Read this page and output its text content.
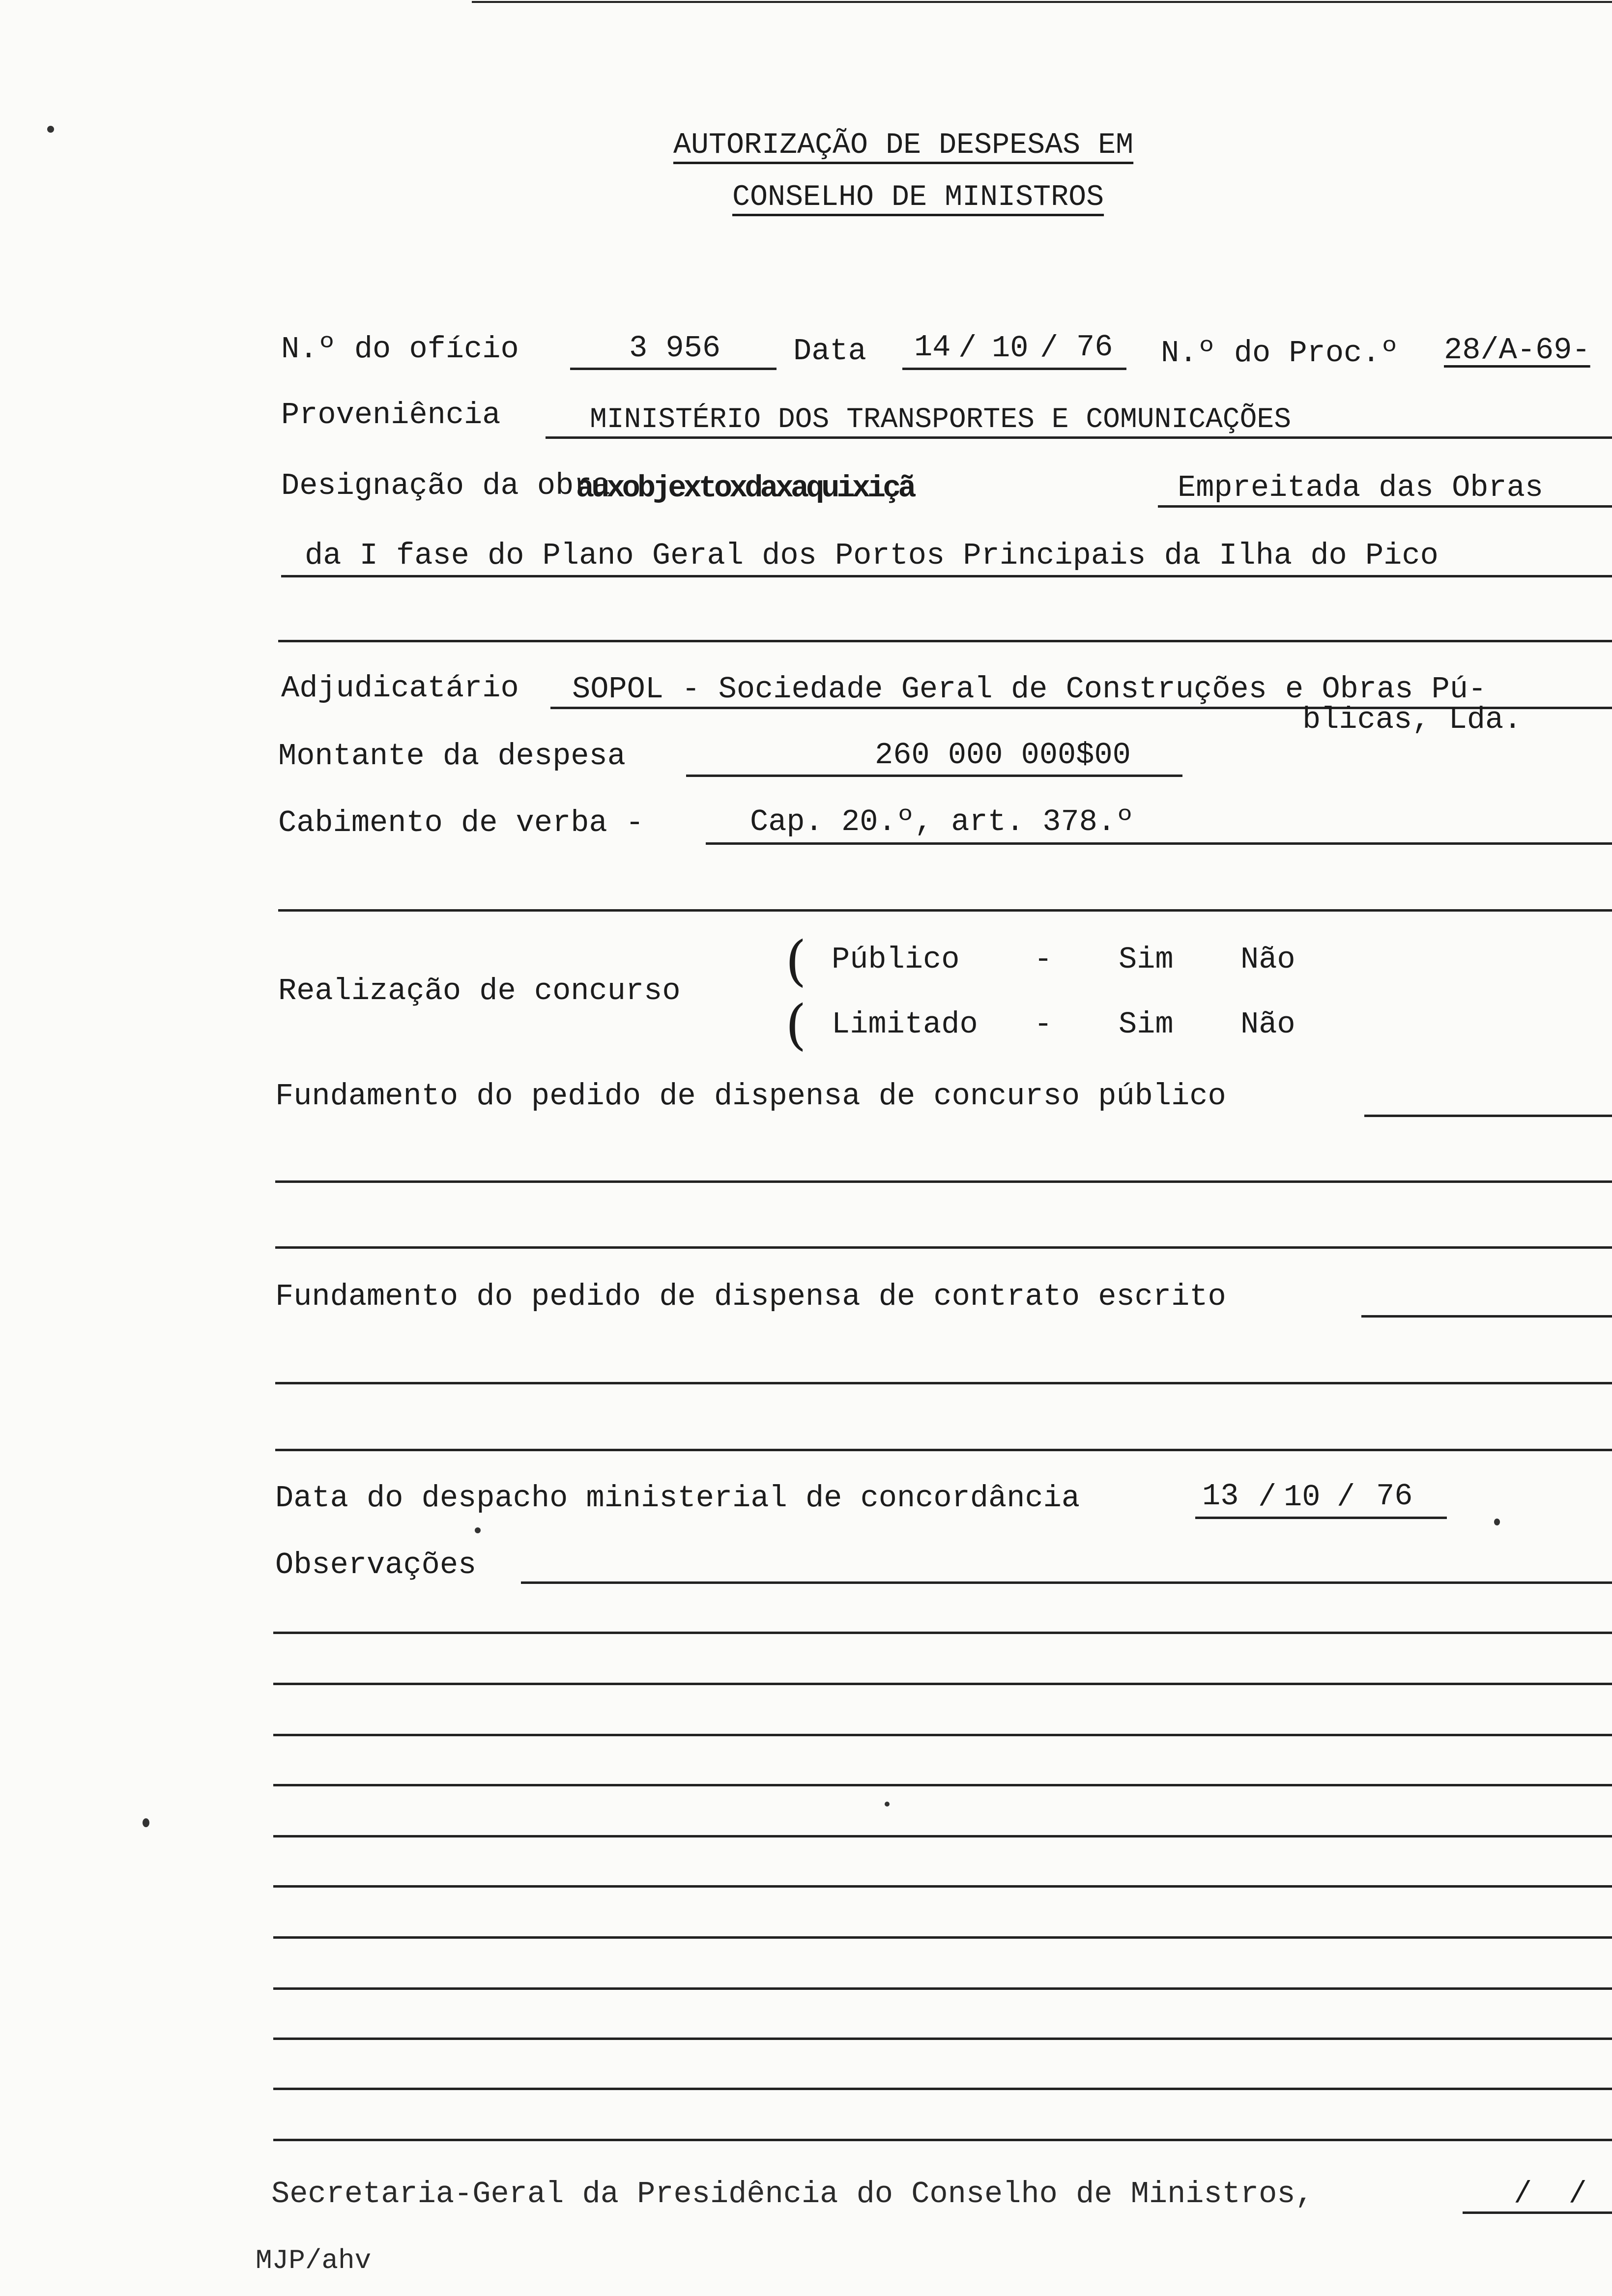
AUTORIZAÇÃO DE DESPESAS EM
CONSELHO DE MINISTROS
N.º do ofício	3 956 Data 14 / 10 / 76 N.º do Proc.º 28/A-69-
Proveniência	MINISTÉRIO DOS TRANSPORTES E COMUNICAÇÕES
Designação da obra
auxobjextoxdaxaquixiçã	Empreitada das Obras
da I fase do Plano Geral dos Portos Principais da Ilha do Pico
Adjudicatário SOPOL - Sociedade Geral de Construções e Obras Pú-
blicas, Lda.
Montante da despesa	260 000 000$00
Cabimento de verba -	Cap. 20.º, art. 378.º
Realização de concurso (
(
Público - Sim Não
Limitado - Sim Não
Fundamento do pedido de dispensa de concurso público
Fundamento do pedido de dispensa de contrato escrito
Data do despacho ministerial de concordância	13 / 10 / 76
Observações
Secretaria-Geral da Presidência do Conselho de Ministros,	/  /
MJP/ahv
